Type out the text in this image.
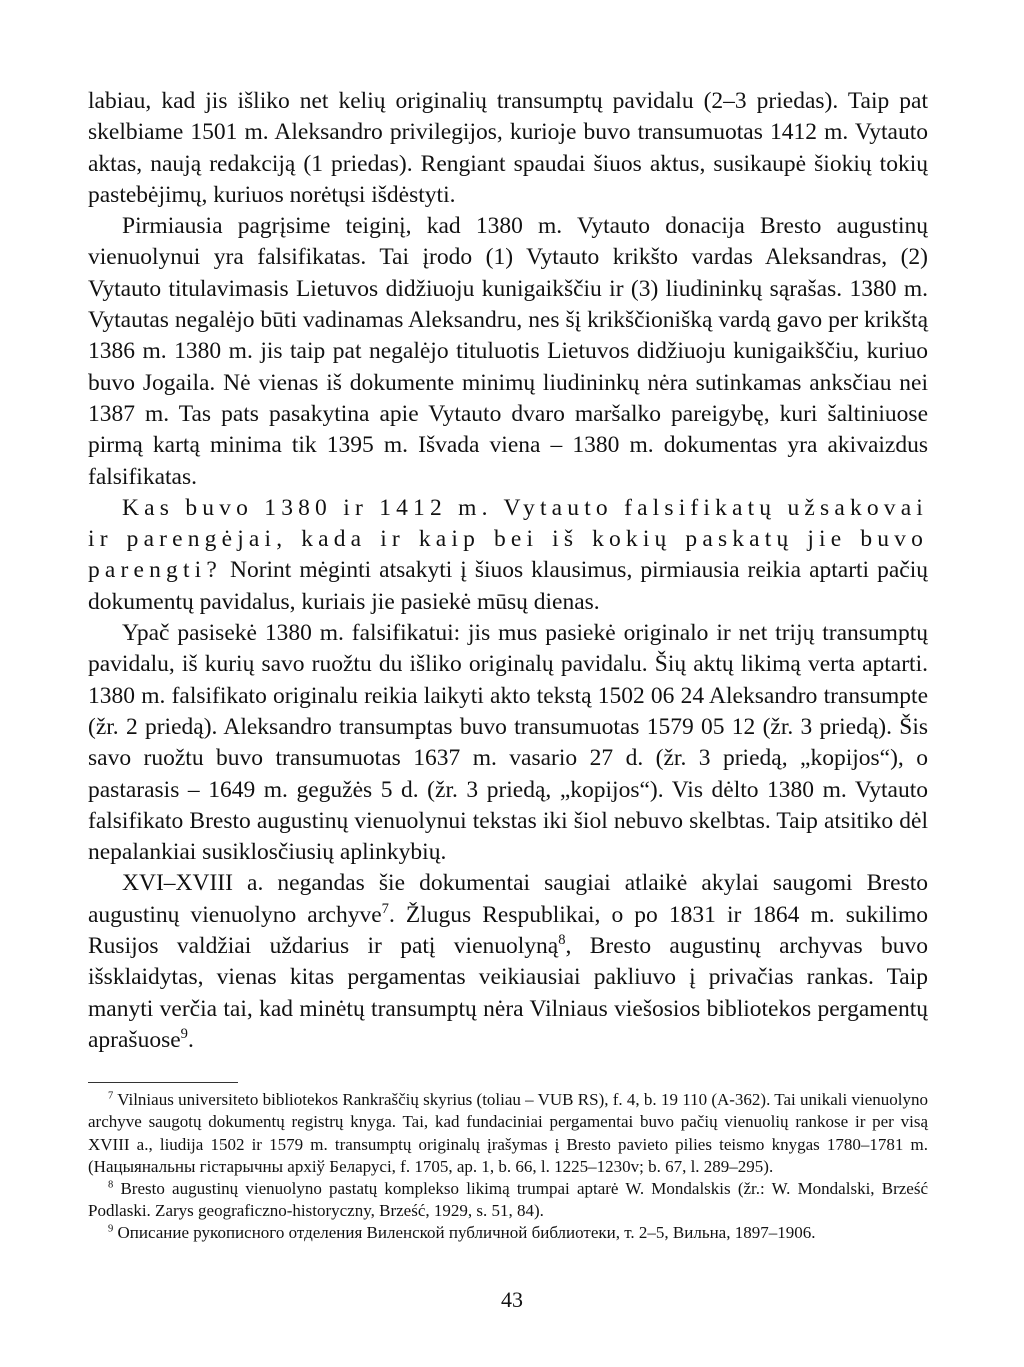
labiau, kad jis išliko net kelių originalių transumptų pavidalu (2–3 priedas). Taip pat skelbiame 1501 m. Aleksandro privilegijos, kurioje buvo transumuotas 1412 m. Vytauto aktas, naują redakciją (1 priedas). Rengiant spaudai šiuos aktus, susikaupė šiokių tokių pastebėjimų, kuriuos norėtųsi išdėstyti.

Pirmiausia pagrįsime teiginį, kad 1380 m. Vytauto donacija Bresto augustinų vienuolynui yra falsifikatas. Tai įrodo (1) Vytauto krikšto vardas Aleksandras, (2) Vytauto titulavimasis Lietuvos didžiuoju kunigaikščiu ir (3) liudininkų sąrašas. 1380 m. Vytautas negalėjo būti vadinamas Aleksandru, nes šį krikščionišką vardą gavo per krikštą 1386 m. 1380 m. jis taip pat negalėjo tituluotis Lietuvos didžiuoju kunigaikščiu, kuriuo buvo Jogaila. Nė vienas iš dokumente minimų liudininkų nėra sutinkamas anksčiau nei 1387 m. Tas pats pasakytina apie Vytauto dvaro maršalko pareigybę, kuri šaltiniuose pirmą kartą minima tik 1395 m. Išvada viena – 1380 m. dokumentas yra akivaizdus falsifikatas.

Kas buvo 1380 ir 1412 m. Vytauto falsifikatų užsakovai ir parengėjai, kada ir kaip bei iš kokių paskatų jie buvo parengti? Norint mėginti atsakyti į šiuos klausimus, pirmiausia reikia aptarti pačių dokumentų pavidalus, kuriais jie pasiekė mūsų dienas.

Ypač pasisekė 1380 m. falsifikatui: jis mus pasiekė originalo ir net trijų transumptų pavidalu, iš kurių savo ruožtu du išliko originalų pavidalu. Šių aktų likimą verta aptarti. 1380 m. falsifikato originalu reikia laikyti akto tekstą 1502 06 24 Aleksandro transumpte (žr. 2 priedą). Aleksandro transumptas buvo transumuotas 1579 05 12 (žr. 3 priedą). Šis savo ruožtu buvo transumuotas 1637 m. vasario 27 d. (žr. 3 priedą, „kopijos“), o pastarasis – 1649 m. gegužės 5 d. (žr. 3 priedą, „kopijos“). Vis dėlto 1380 m. Vytauto falsifikato Bresto augustinų vienuolynui tekstas iki šiol nebuvo skelbtas. Taip atsitiko dėl nepalankiai susiklosčiusių aplinkybių.

XVI–XVIII a. negandas šie dokumentai saugiai atlaikė akylai saugomi Bresto augustinų vienuolyno archyve$^7$. Žlugus Respublikai, o po 1831 ir 1864 m. sukilimo Rusijos valdžiai uždarius ir patį vienuolyną$^8$, Bresto augustinų archyvas buvo išsklaidytas, vienas kitas pergamentas veikiausiai pakliuvo į privačias rankas. Taip manyti verčia tai, kad minėtų transumptų nėra Vilniaus viešosios bibliotekos pergamentų aprašuose$^9$.

$^7$ Vilniaus universiteto bibliotekos Rankraščių skyrius (toliau – VUB RS), f. 4, b. 19 110 (A-362). Tai unikali vienuolyno archyve saugotų dokumentų registrų knyga. Tai, kad fundaciniai pergamentai buvo pačių vienuolių rankose ir per visą XVIII a., liudija 1502 ir 1579 m. transumptų originalų įrašymas į Bresto pavieto pilies teismo knygas 1780–1781 m. (Нацыянальны гістарычны архіў Беларусі, f. 1705, ap. 1, b. 66, l. 1225–1230v; b. 67, l. 289–295).

$^8$ Bresto augustinų vienuolyno pastatų komplekso likimą trumpai aptarė W. Mondalskis (žr.: W. Mondalski, Brześć Podlaski. Zarys geograficzno-historyczny, Brześć, 1929, s. 51, 84).

$^9$ Описание рукописного отделения Виленской публичной библиотеки, т. 2–5, Вильна, 1897–1906.

43
